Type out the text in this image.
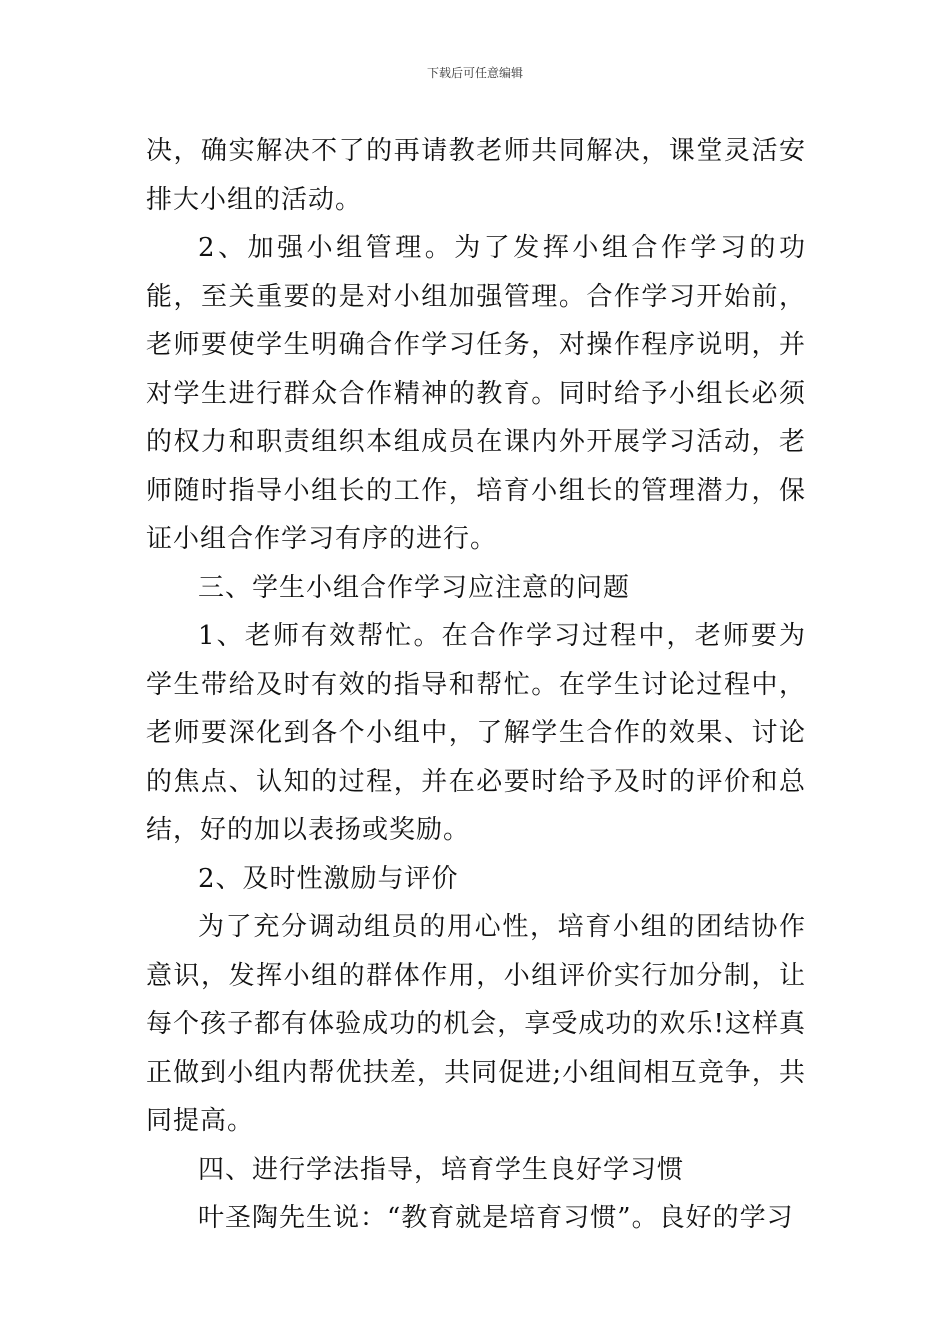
下载后可任意编辑

决，确实解决不了的再请教老师共同解决，课堂灵活安排大小组的活动。

2、加强小组管理。为了发挥小组合作学习的功能，至关重要的是对小组加强管理。合作学习开始前，老师要使学生明确合作学习任务，对操作程序说明，并对学生进行群众合作精神的教育。同时给予小组长必须的权力和职责组织本组成员在课内外开展学习活动，老师随时指导小组长的工作，培育小组长的管理潜力，保证小组合作学习有序的进行。

三、学生小组合作学习应注意的问题

1、老师有效帮忙。在合作学习过程中，老师要为学生带给及时有效的指导和帮忙。在学生讨论过程中，老师要深化到各个小组中，了解学生合作的效果、讨论的焦点、认知的过程，并在必要时给予及时的评价和总结，好的加以表扬或奖励。

2、及时性激励与评价

为了充分调动组员的用心性，培育小组的团结协作意识，发挥小组的群体作用，小组评价实行加分制，让每个孩子都有体验成功的机会，享受成功的欢乐!这样真正做到小组内帮优扶差，共同促进;小组间相互竞争，共同提高。

四、进行学法指导，培育学生良好学习惯

叶圣陶先生说：“教育就是培育习惯”。良好的学习
